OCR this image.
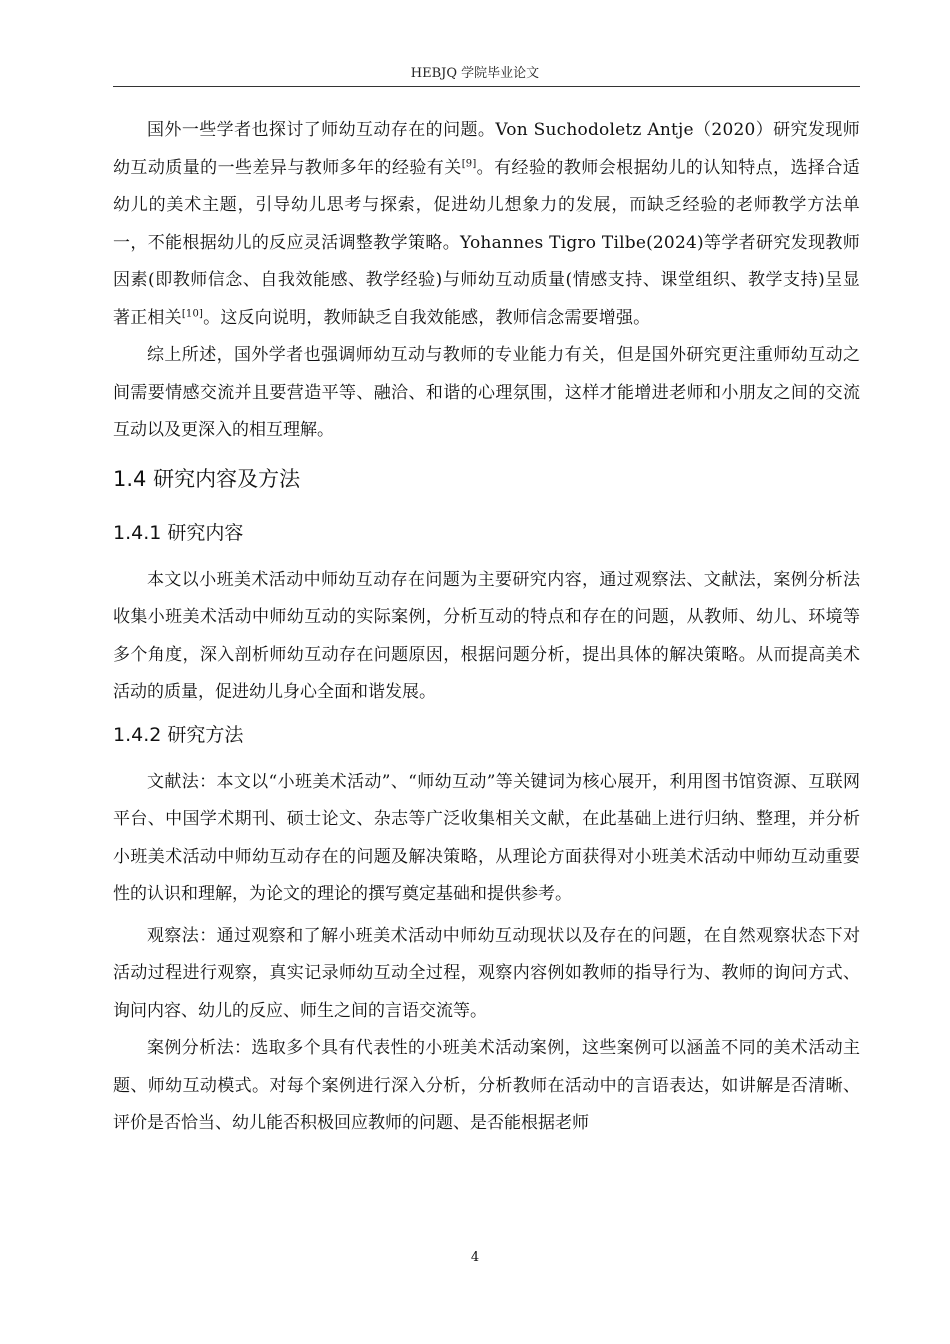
HEBJQ 学院毕业论文

国外一些学者也探讨了师幼互动存在的问题。Von Suchodoletz Antje（2020）研究发现师幼互动质量的一些差异与教师多年的经验有关[9]。有经验的教师会根据幼儿的认知特点，选择合适幼儿的美术主题，引导幼儿思考与探索，促进幼儿想象力的发展，而缺乏经验的老师教学方法单一，不能根据幼儿的反应灵活调整教学策略。Yohannes Tigro Tilbe(2024)等学者研究发现教师因素(即教师信念、自我效能感、教学经验)与师幼互动质量(情感支持、课堂组织、教学支持)呈显著正相关[10]。这反向说明，教师缺乏自我效能感，教师信念需要增强。

综上所述，国外学者也强调师幼互动与教师的专业能力有关，但是国外研究更注重师幼互动之间需要情感交流并且要营造平等、融洽、和谐的心理氛围，这样才能增进老师和小朋友之间的交流互动以及更深入的相互理解。

1.4 研究内容及方法
1.4.1 研究内容

本文以小班美术活动中师幼互动存在问题为主要研究内容，通过观察法、文献法，案例分析法收集小班美术活动中师幼互动的实际案例，分析互动的特点和存在的问题，从教师、幼儿、环境等多个角度，深入剖析师幼互动存在问题原因，根据问题分析，提出具体的解决策略。从而提高美术活动的质量，促进幼儿身心全面和谐发展。

1.4.2 研究方法

文献法：本文以“小班美术活动”、“师幼互动”等关键词为核心展开，利用图书馆资源、互联网平台、中国学术期刊、硕士论文、杂志等广泛收集相关文献，在此基础上进行归纳、整理，并分析小班美术活动中师幼互动存在的问题及解决策略，从理论方面获得对小班美术活动中师幼互动重要性的认识和理解，为论文的理论的撰写奠定基础和提供参考。

观察法：通过观察和了解小班美术活动中师幼互动现状以及存在的问题，在自然观察状态下对活动过程进行观察，真实记录师幼互动全过程，观察内容例如教师的指导行为、教师的询问方式、询问内容、幼儿的反应、师生之间的言语交流等。

案例分析法：选取多个具有代表性的小班美术活动案例，这些案例可以涵盖不同的美术活动主题、师幼互动模式。对每个案例进行深入分析，分析教师在活动中的言语表达，如讲解是否清晰、评价是否恰当、幼儿能否积极回应教师的问题、是否能根据老师

4
